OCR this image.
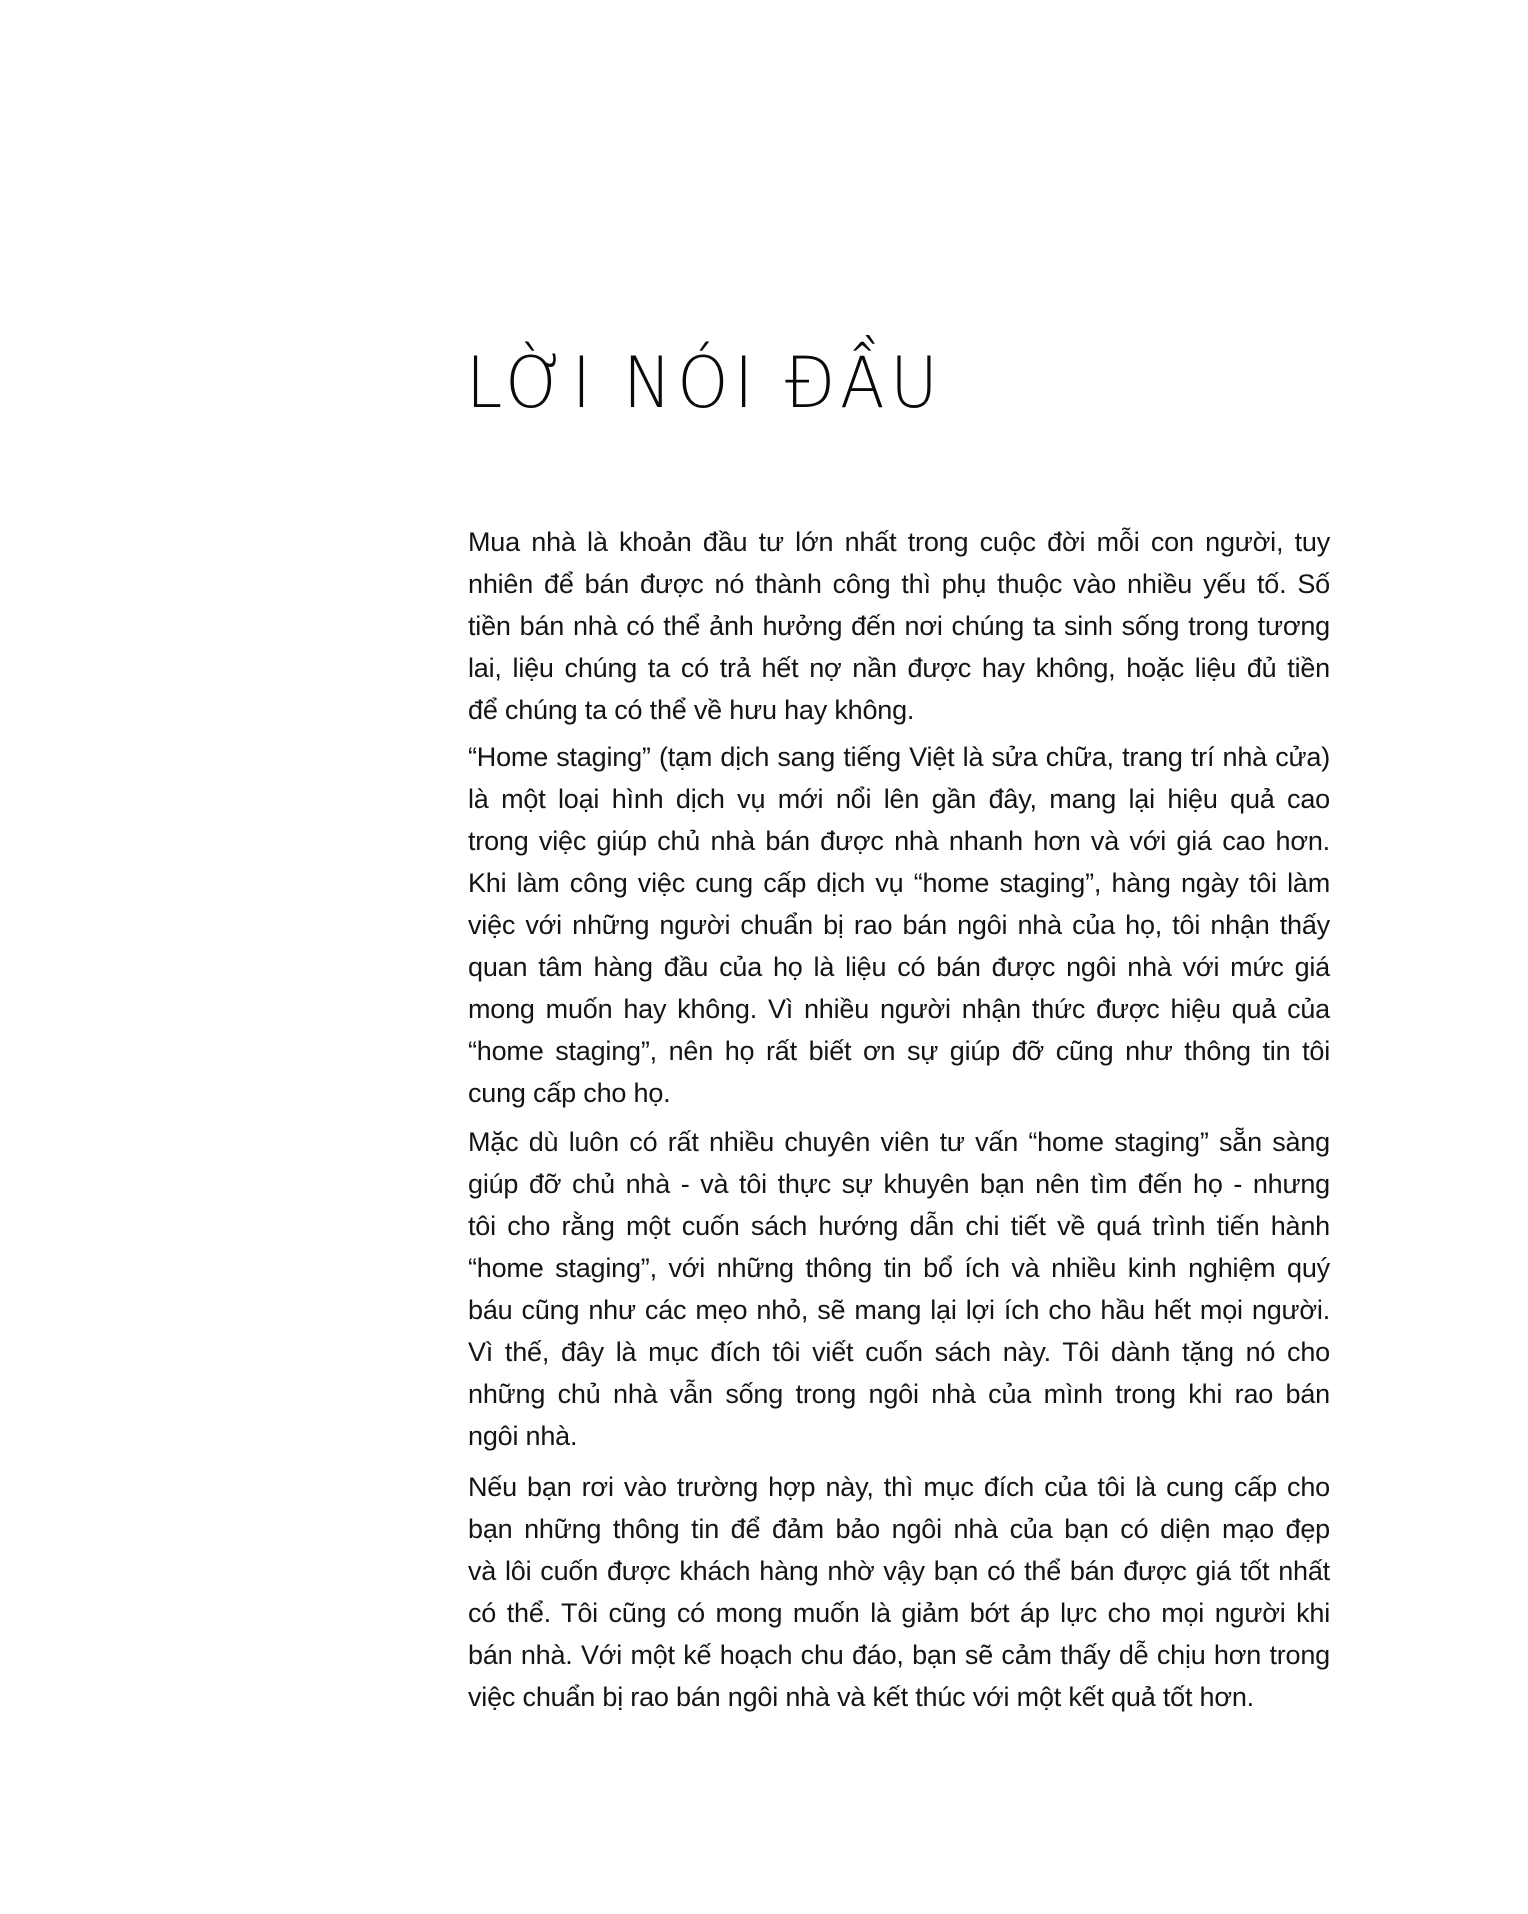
LỜI NÓI ĐẦU
Mua nhà là khoản đầu tư lớn nhất trong cuộc đời mỗi con người, tuy
nhiên để bán được nó thành công thì phụ thuộc vào nhiều yếu tố. Số
tiền bán nhà có thể ảnh hưởng đến nơi chúng ta sinh sống trong tương
lai, liệu chúng ta có trả hết nợ nần được hay không, hoặc liệu đủ tiền
để chúng ta có thể về hưu hay không.
“Home staging” (tạm dịch sang tiếng Việt là sửa chữa, trang trí nhà cửa)
là một loại hình dịch vụ mới nổi lên gần đây, mang lại hiệu quả cao
trong việc giúp chủ nhà bán được nhà nhanh hơn và với giá cao hơn.
Khi làm công việc cung cấp dịch vụ “home staging”, hàng ngày tôi làm
việc với những người chuẩn bị rao bán ngôi nhà của họ, tôi nhận thấy
quan tâm hàng đầu của họ là liệu có bán được ngôi nhà với mức giá
mong muốn hay không. Vì nhiều người nhận thức được hiệu quả của
“home staging”, nên họ rất biết ơn sự giúp đỡ cũng như thông tin tôi
cung cấp cho họ.
Mặc dù luôn có rất nhiều chuyên viên tư vấn “home staging” sẵn sàng
giúp đỡ chủ nhà - và tôi thực sự khuyên bạn nên tìm đến họ - nhưng
tôi cho rằng một cuốn sách hướng dẫn chi tiết về quá trình tiến hành
“home staging”, với những thông tin bổ ích và nhiều kinh nghiệm quý
báu cũng như các mẹo nhỏ, sẽ mang lại lợi ích cho hầu hết mọi người.
Vì thế, đây là mục đích tôi viết cuốn sách này. Tôi dành tặng nó cho
những chủ nhà vẫn sống trong ngôi nhà của mình trong khi rao bán
ngôi nhà.
Nếu bạn rơi vào trường hợp này, thì mục đích của tôi là cung cấp cho
bạn những thông tin để đảm bảo ngôi nhà của bạn có diện mạo đẹp
và lôi cuốn được khách hàng nhờ vậy bạn có thể bán được giá tốt nhất
có thể. Tôi cũng có mong muốn là giảm bớt áp lực cho mọi người khi
bán nhà. Với một kế hoạch chu đáo, bạn sẽ cảm thấy dễ chịu hơn trong
việc chuẩn bị rao bán ngôi nhà và kết thúc với một kết quả tốt hơn.
